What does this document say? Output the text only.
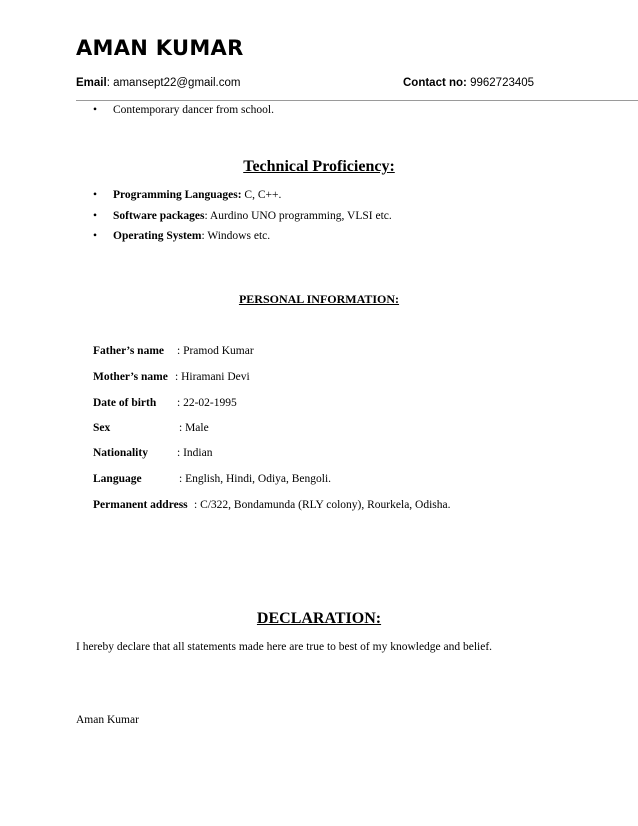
AMAN KUMAR
Email: amansept22@gmail.com	Contact no: 9962723405
• Contemporary dancer from school.
Technical Proficiency:
• Programming Languages: C, C++.
• Software packages: Aurdino UNO programming, VLSI etc.
• Operating System: Windows etc.
PERSONAL INFORMATION:
Father’s name : Pramod Kumar
Mother’s name : Hiramani Devi
Date of birth : 22-02-1995
Sex	: Male
Nationality	: Indian
Language	: English, Hindi, Odiya, Bengoli.
Permanent address : C/322, Bondamunda (RLY colony), Rourkela, Odisha.
DECLARATION:
I hereby declare that all statements made here are true to best of my knowledge and belief.
Aman Kumar
